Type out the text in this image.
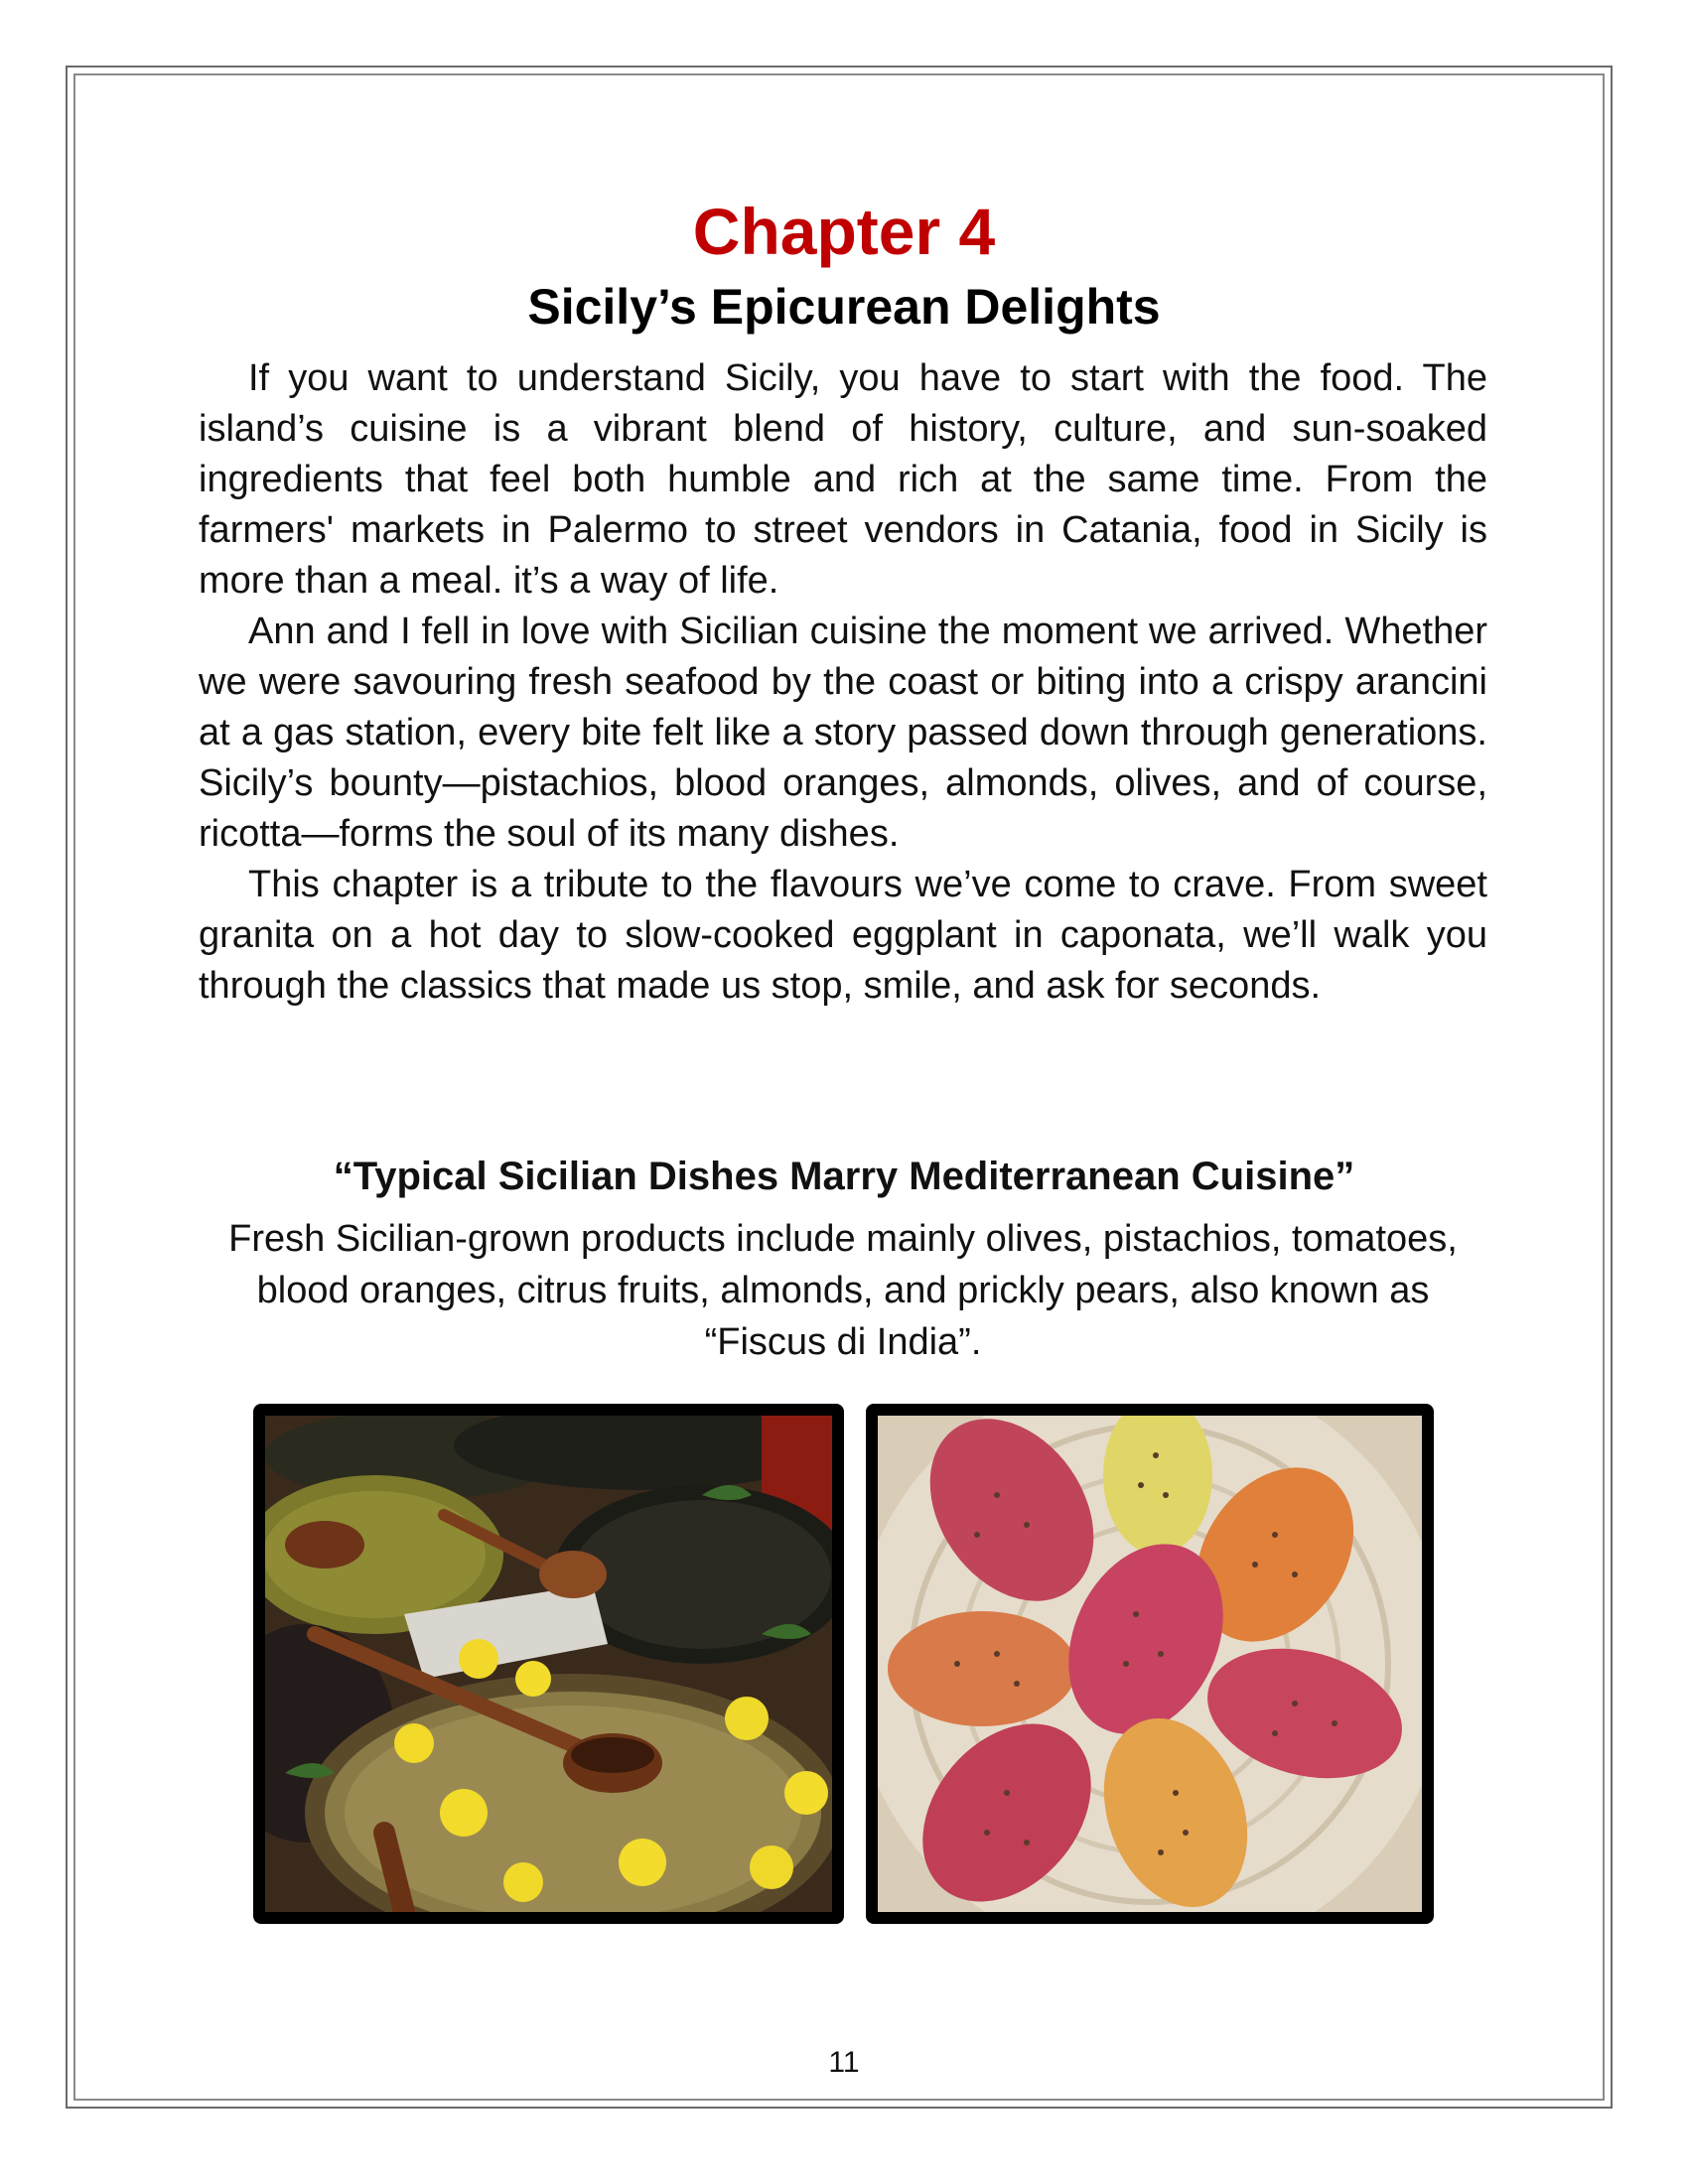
Chapter 4
Sicily’s Epicurean Delights

If you want to understand Sicily, you have to start with the food. The island’s cuisine is a vibrant blend of history, culture, and sun-soaked ingredients that feel both humble and rich at the same time. From the farmers' markets in Palermo to street vendors in Catania, food in Sicily is more than a meal. it’s a way of life.

Ann and I fell in love with Sicilian cuisine the moment we arrived. Whether we were savouring fresh seafood by the coast or biting into a crispy arancini at a gas station, every bite felt like a story passed down through generations. Sicily’s bounty—pistachios, blood oranges, almonds, olives, and of course, ricotta—forms the soul of its many dishes.

This chapter is a tribute to the flavours we’ve come to crave. From sweet granita on a hot day to slow-cooked eggplant in caponata, we’ll walk you through the classics that made us stop, smile, and ask for seconds.

“Typical Sicilian Dishes Marry Mediterranean Cuisine”
Fresh Sicilian-grown products include mainly olives, pistachios, tomatoes, blood oranges, citrus fruits, almonds, and prickly pears, also known as “Fiscus di India”.
11
